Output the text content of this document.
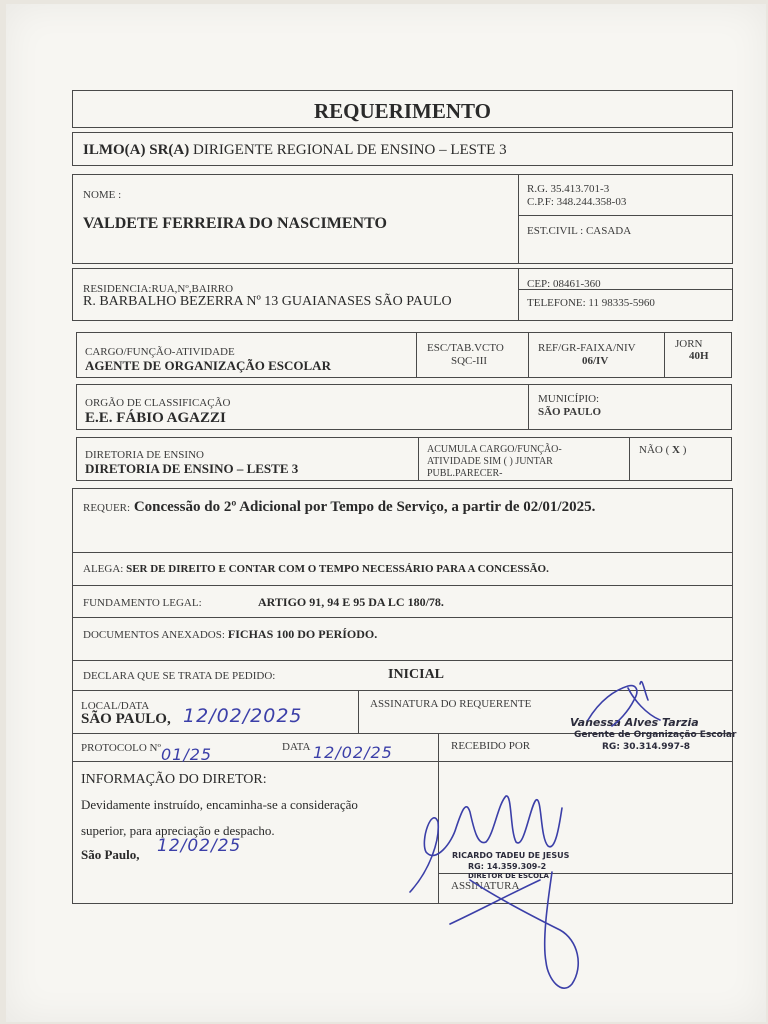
REQUERIMENTO
ILMO(A) SR(A) DIRIGENTE REGIONAL DE ENSINO – LESTE 3
NOME :
VALDETE FERREIRA DO NASCIMENTO
R.G. 35.413.701-3
C.P.F: 348.244.358-03
EST.CIVIL : CASADA
RESIDENCIA:RUA,Nº,BAIRRO
R. BARBALHO BEZERRA Nº 13 GUAIANASES SÃO PAULO
CEP: 08461-360
TELEFONE: 11 98335-5960
CARGO/FUNÇÃO-ATIVIDADE
AGENTE DE ORGANIZAÇÃO ESCOLAR
ESC/TAB.VCTO
SQC-III
REF/GR-FAIXA/NIV
06/IV
JORN
40H
ORGÃO DE CLASSIFICAÇÃO
E.E. FÁBIO AGAZZI
MUNICÍPIO:
SÃO PAULO
DIRETORIA DE ENSINO
DIRETORIA DE ENSINO – LESTE 3
ACUMULA CARGO/FUNÇÃO-
ATIVIDADE SIM ( ) JUNTAR
PUBL.PARECER-
NÃO ( X )
REQUER: Concessão do 2º Adicional por Tempo de Serviço, a partir de 02/01/2025.
ALEGA: SER DE DIREITO E CONTAR COM O TEMPO NECESSÁRIO PARA A CONCESSÃO.
FUNDAMENTO LEGAL:	ARTIGO 91, 94 E 95 DA LC 180/78.
DOCUMENTOS ANEXADOS: FICHAS 100 DO PERÍODO.
DECLARA QUE SE TRATA DE PEDIDO:	INICIAL
LOCAL/DATA
SÃO PAULO, 12/02/2025
ASSINATURA DO REQUERENTE
PROTOCOLO Nº 01/25	DATA 12/02/25	RECEBIDO POR
INFORMAÇÃO DO DIRETOR:
Devidamente instruído, encaminha-se a consideração
superior, para apreciação e despacho.
São Paulo, 12/02/25
ASSINATURA
Vanessa Alves Tarzia
Gerente de Organização Escolar
RG: 30.314.997-8
RICARDO TADEU DE JESUS
RG: 14.359.309-2
DIRETOR DE ESCOLA
